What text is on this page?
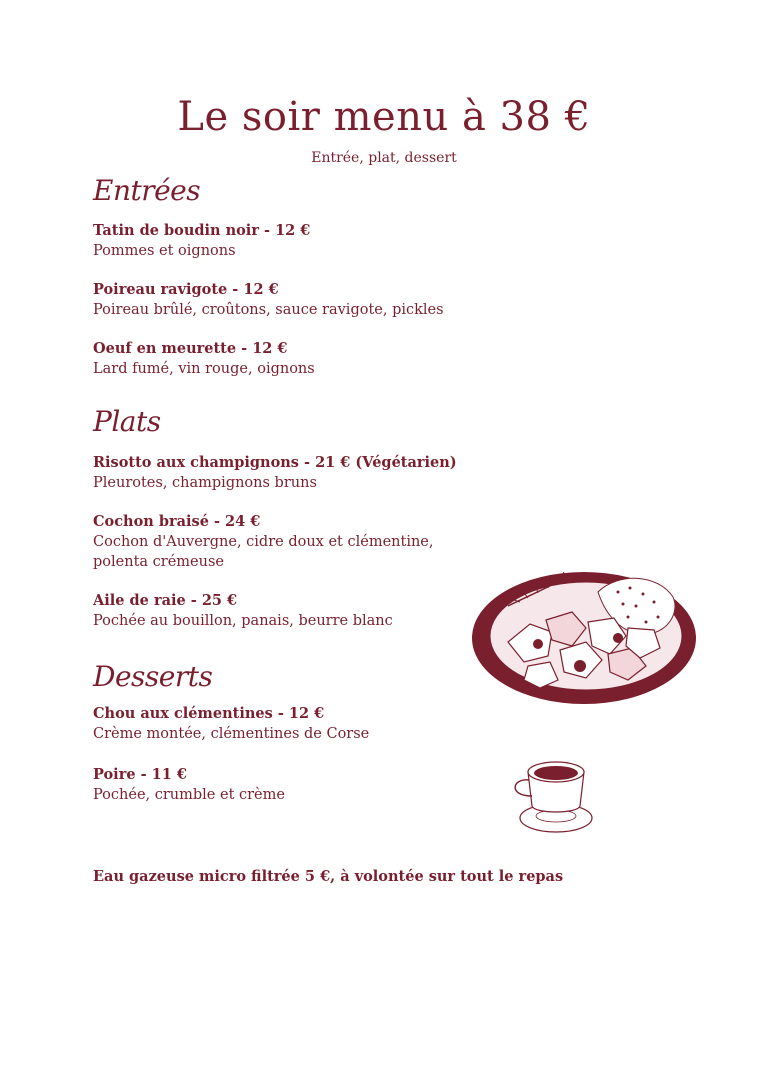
Le soir menu à 38 €
Entrée, plat, dessert
Entrées
Tatin de boudin noir - 12 €
Pommes et oignons
Poireau ravigote - 12 €
Poireau brûlé, croûtons, sauce ravigote, pickles
Oeuf en meurette - 12 €
Lard fumé, vin rouge, oignons
Plats
Risotto aux champignons - 21 € (Végétarien)
Pleurotes, champignons bruns
Cochon braisé - 24 €
Cochon d'Auvergne, cidre doux et clémentine,
polenta crémeuse
Aile de raie - 25 €
Pochée au bouillon, panais, beurre blanc
Desserts
Chou aux clémentines - 12 €
Crème montée, clémentines de Corse
Poire - 11 €
Pochée, crumble et crème
Eau gazeuse micro filtrée 5 €, à volontée sur tout le repas
